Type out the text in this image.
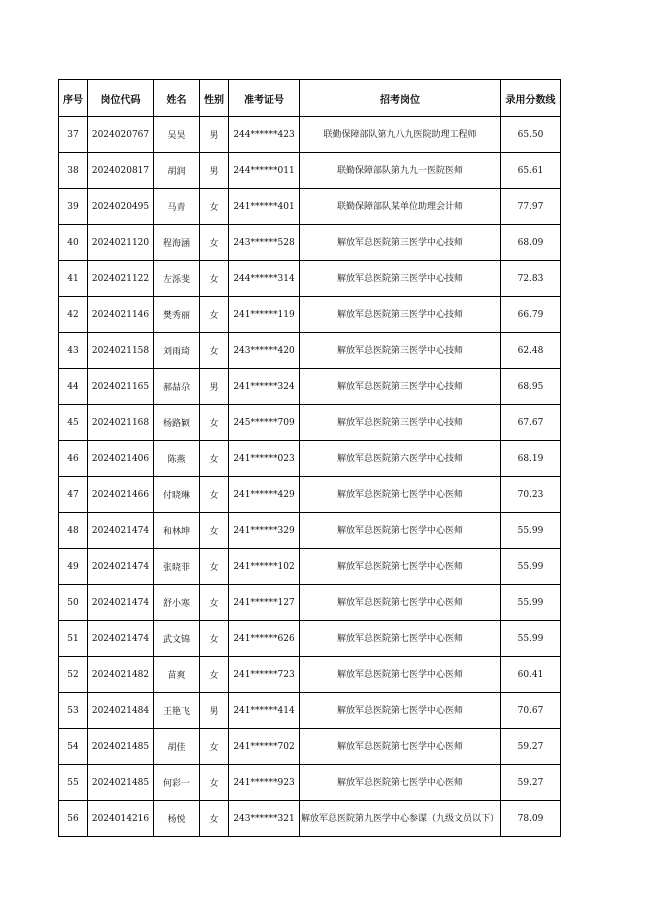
序号	岗位代码	姓名	性别	准考证号	招考岗位	录用分数线
37	2024020767	吴昊	男	244******423	联勤保障部队第九八九医院助理工程师	65.50
38	2024020817	胡润	男	244******011	联勤保障部队第九九一医院医师	65.61
39	2024020495	马青	女	241******401	联勤保障部队某单位助理会计师	77.97
40	2024021120	程海涵	女	243******528	解放军总医院第三医学中心技师	68.09
41	2024021122	左泺斐	女	244******314	解放军总医院第三医学中心技师	72.83
42	2024021146	樊秀丽	女	241******119	解放军总医院第三医学中心技师	66.79
43	2024021158	刘雨琦	女	243******420	解放军总医院第三医学中心技师	62.48
44	2024021165	郝喆尕	男	241******324	解放军总医院第三医学中心技师	68.95
45	2024021168	杨路颖	女	245******709	解放军总医院第三医学中心技师	67.67
46	2024021406	陈燕	女	241******023	解放军总医院第六医学中心技师	68.19
47	2024021466	付晓琳	女	241******429	解放军总医院第七医学中心医师	70.23
48	2024021474	和林坤	女	241******329	解放军总医院第七医学中心医师	55.99
49	2024021474	张晓菲	女	241******102	解放军总医院第七医学中心医师	55.99
50	2024021474	舒小寒	女	241******127	解放军总医院第七医学中心医师	55.99
51	2024021474	武文锦	女	241******626	解放军总医院第七医学中心医师	55.99
52	2024021482	苗爽	女	241******723	解放军总医院第七医学中心医师	60.41
53	2024021484	王艳飞	男	241******414	解放军总医院第七医学中心医师	70.67
54	2024021485	胡佳	女	241******702	解放军总医院第七医学中心医师	59.27
55	2024021485	何彩一	女	241******923	解放军总医院第七医学中心医师	59.27
56	2024014216	杨悦	女	243******321	解放军总医院第九医学中心参谋（九级文员以下）	78.09
